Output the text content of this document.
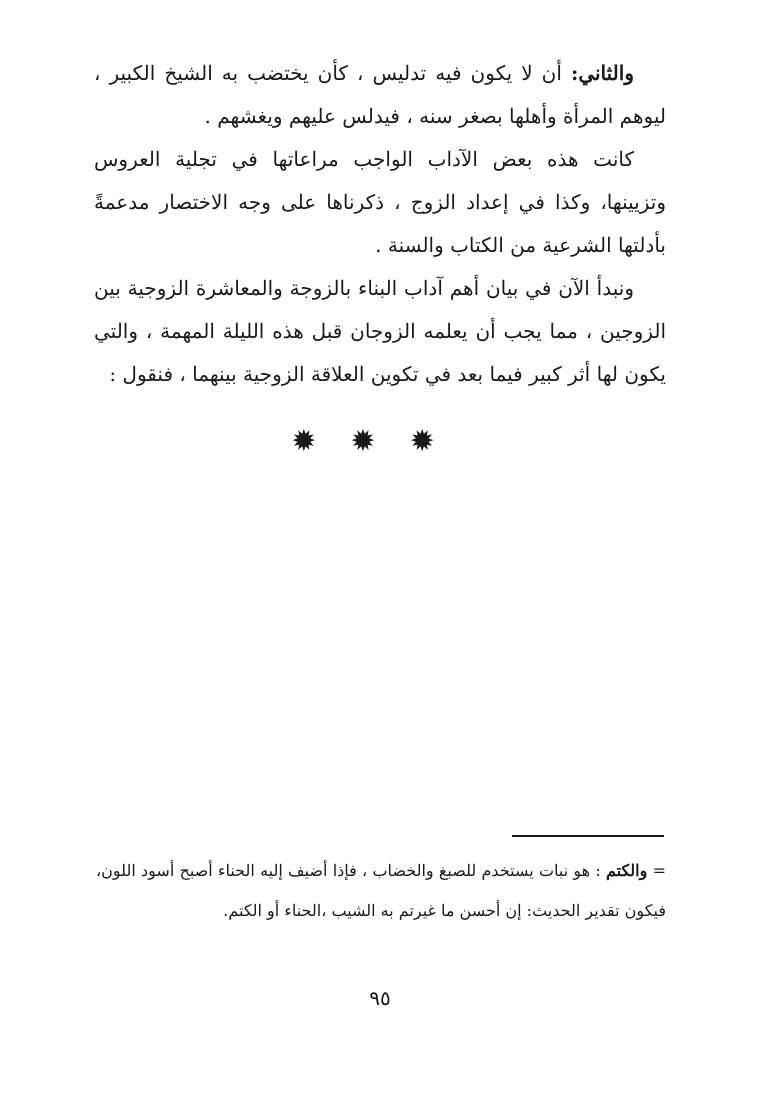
والثاني: أن لا يكون فيه تدليس ، كأن يختضب به الشيخ الكبير ، ليوهم المرأة وأهلها بصغر سنه ، فيدلس عليهم ويغشهم .

كانت هذه بعض الآداب الواجب مراعاتها في تجلية العروس وتزيينها، وكذا في إعداد الزوج ، ذكرناها على وجه الاختصار مدعمةً بأدلتها الشرعية من الكتاب والسنة .

ونبدأ الآن في بيان أهم آداب البناء بالزوجة والمعاشرة الزوجية بين الزوجين ، مما يجب أن يعلمه الزوجان قبل هذه الليلة المهمة ، والتي يكون لها أثر كبير فيما بعد في تكوين العلاقة الزوجية بينهما ، فنقول :

✹✹✹
= والكتم : هو نبات يستخدم للصبغ والخضاب ، فإذا أضيف إليه الحناء أصبح أسود اللون، فيكون تقدير الحديث: إن أحسن ما غيرتم به الشيب ،الحناء أو الكتم.
٩٥
